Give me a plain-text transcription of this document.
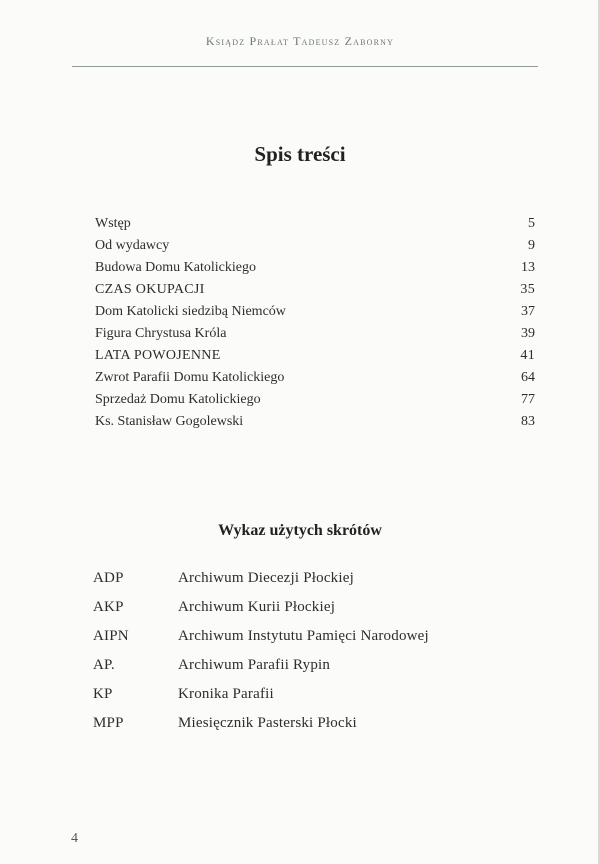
Ksiądz Prałat Tadeusz Zaborny
Spis treści
Wstęp	5
Od wydawcy	9
Budowa Domu Katolickiego	13
CZAS OKUPACJI	35
Dom Katolicki siedzibą Niemców	37
Figura Chrystusa Króla	39
LATA POWOJENNE	41
Zwrot Parafii Domu Katolickiego	64
Sprzedaż Domu Katolickiego	77
Ks. Stanisław Gogolewski	83
Wykaz użytych skrótów
ADP	Archiwum Diecezji Płockiej
AKP	Archiwum Kurii Płockiej
AIPN	Archiwum Instytutu Pamięci Narodowej
AP.	Archiwum Parafii Rypin
KP	Kronika Parafii
MPP	Miesięcznik Pasterski Płocki
4
